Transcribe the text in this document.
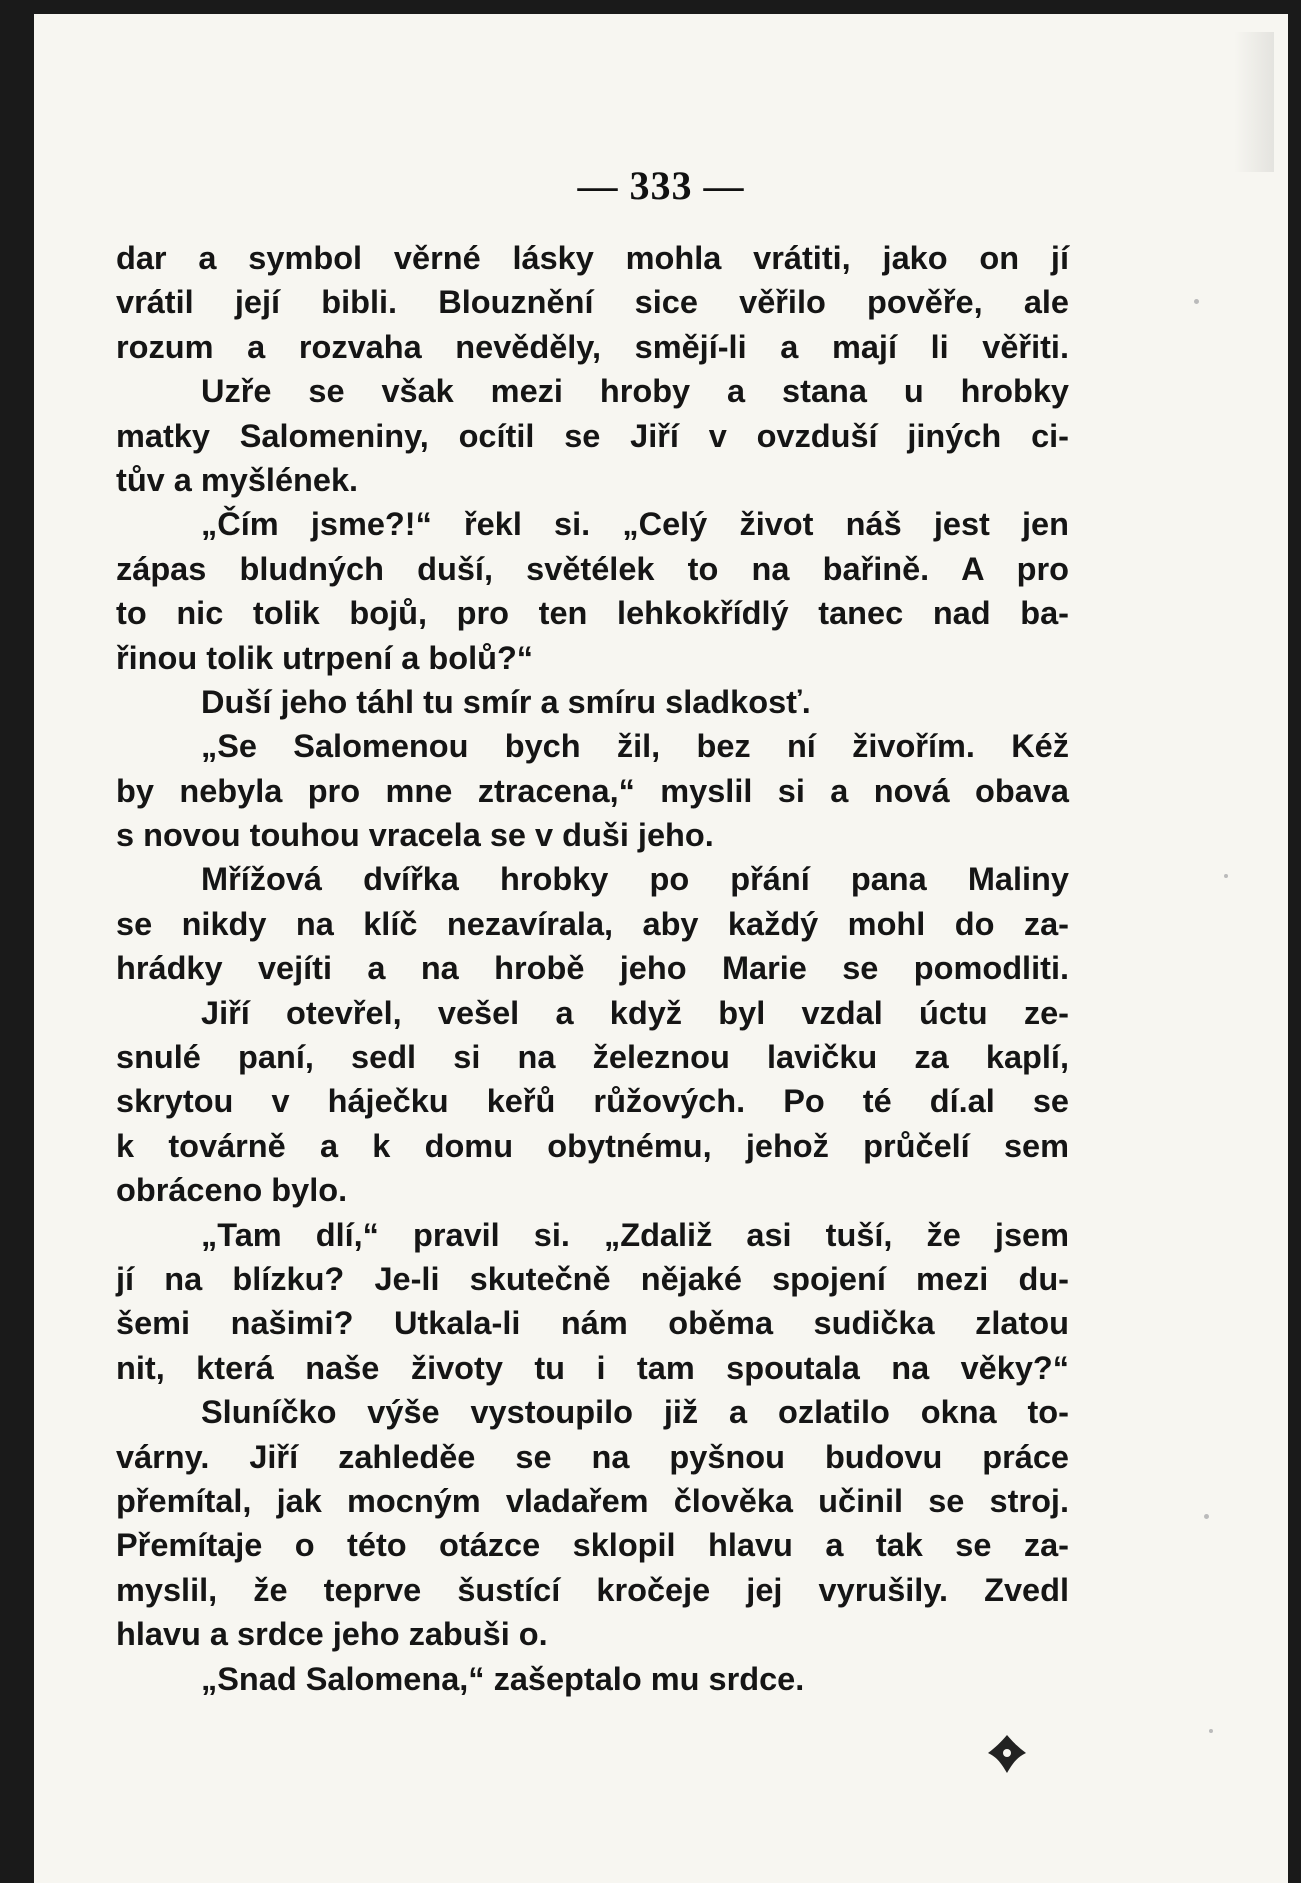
— 333 —
dar a symbol věrné lásky mohla vrátiti, jako on jí
vrátil její bibli. Blouznění sice věřilo pověře, ale
rozum a rozvaha nevěděly, smějí-li a mají li věřiti.
Uzře se však mezi hroby a stana u hrobky
matky Salomeniny, ocítil se Jiří v ovzduší jiných ci-
tův a myšlének.
„Čím jsme?!“ řekl si. „Celý život náš jest jen
zápas bludných duší, světélek to na bařině. A pro
to nic tolik bojů, pro ten lehkokřídlý tanec nad ba-
řinou tolik utrpení a bolů?“
Duší jeho táhl tu smír a smíru sladkosť.
„Se Salomenou bych žil, bez ní živořím. Kéž
by nebyla pro mne ztracena,“ myslil si a nová obava
s novou touhou vracela se v duši jeho.
Mřížová dvířka hrobky po přání pana Maliny
se nikdy na klíč nezavírala, aby každý mohl do za-
hrádky vejíti a na hrobě jeho Marie se pomodliti.
Jiří otevřel, vešel a když byl vzdal úctu ze-
snulé paní, sedl si na železnou lavičku za kaplí,
skrytou v háječku keřů růžových. Po té dí.al se
k továrně a k domu obytnému, jehož průčelí sem
obráceno bylo.
„Tam dlí,“ pravil si. „Zdaliž asi tuší, že jsem
jí na blízku? Je-li skutečně nějaké spojení mezi du-
šemi našimi? Utkala-li nám oběma sudička zlatou
nit, která naše životy tu i tam spoutala na věky?“
Sluníčko výše vystoupilo již a ozlatilo okna to-
várny. Jiří zahleděe se na pyšnou budovu práce
přemítal, jak mocným vladařem člověka učinil se stroj.
Přemítaje o této otázce sklopil hlavu a tak se za-
myslil, že teprve šustící kročeje jej vyrušily. Zvedl
hlavu a srdce jeho zabuši o.
„Snad Salomena,“ zašeptalo mu srdce.
